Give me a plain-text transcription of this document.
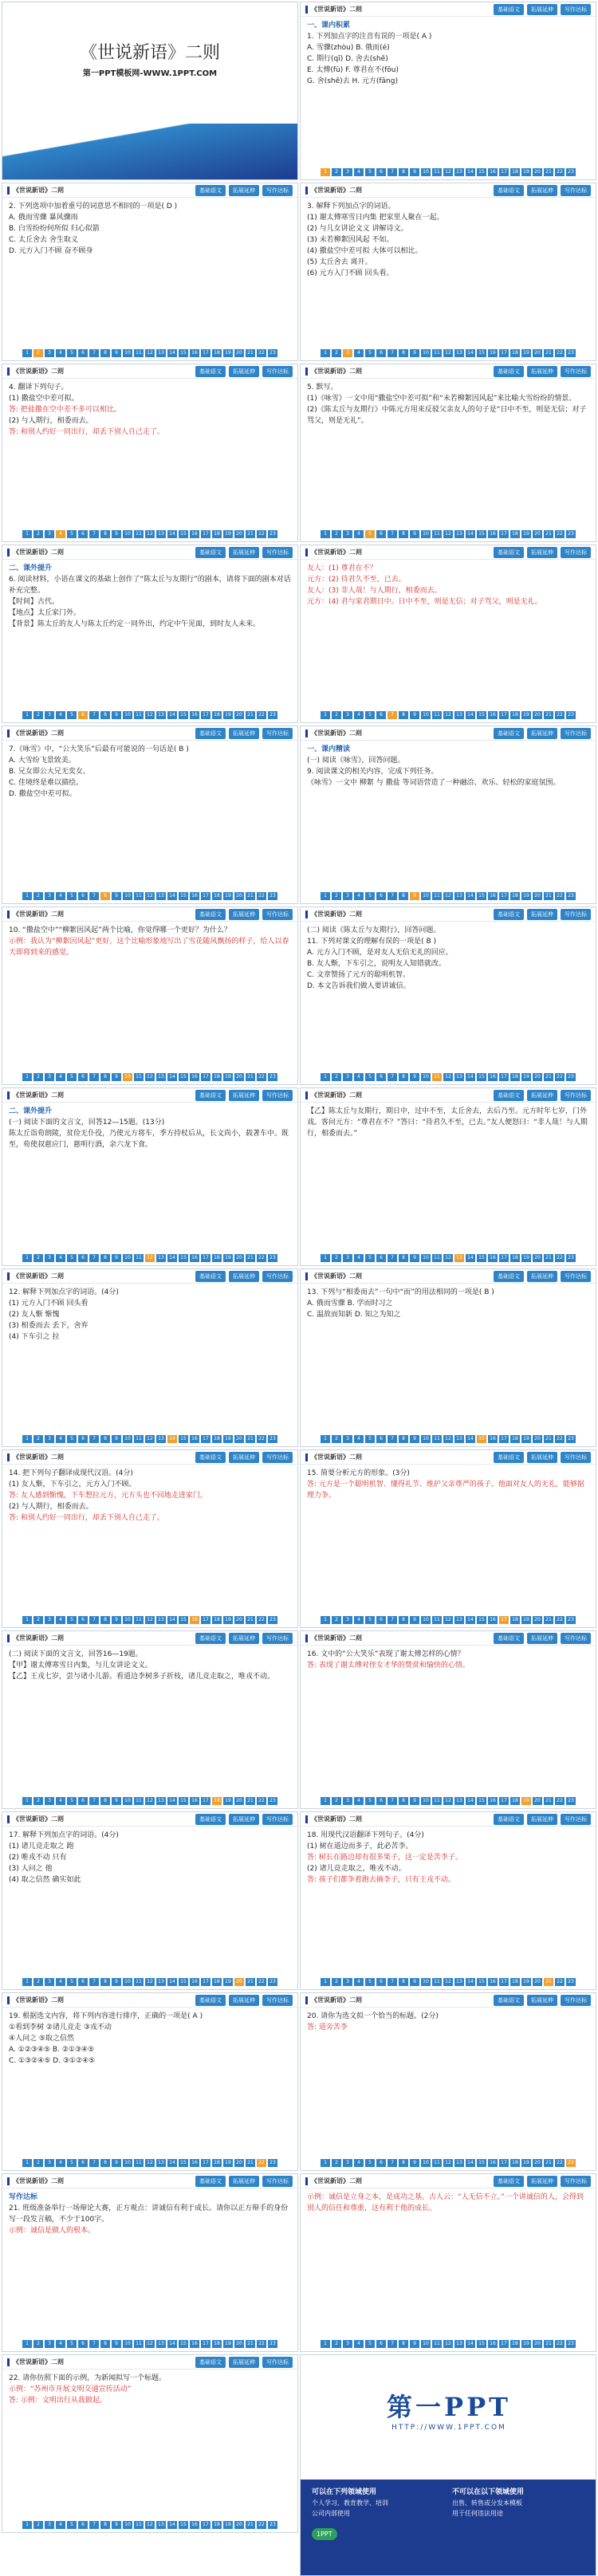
《世说新语》二则
第一PPT模板网-WWW.1PPT.COM
《世说新语》二则	基础语文	拓展延伸	写作达标
一、课内积累
1. 下列加点字的注音有误的一项是( A )
A. 雪骤(zhòu) B. 俄而(é)
C. 期行(qī) D. 舍去(shě)
E. 太傅(fù) F. 尊君在不(fǒu)
G. 舍(shě)去 H. 元方(fāng)
1	2	3	4	5	6	7	8	9	10	11	12	13	14	15	16	17	18	19	20	21	22	23
《世说新语》二则	基础语文	拓展延伸	写作达标
2. 下列选项中加着重号的词意思不相同的一项是( D )
A. 俄而雪骤 暴风骤雨
B. 白雪纷纷何所似 归心似箭
C. 太丘舍去 舍生取义
D. 元方入门不顾 奋不顾身
1	2	3	4	5	6	7	8	9	10	11	12	13	14	15	16	17	18	19	20	21	22	23
《世说新语》二则	基础语文	拓展延伸	写作达标
3. 解释下列加点字的词语。
(1) 谢太傅寒雪日内集 把家里人聚在一起。
(2) 与儿女讲论文义 讲解诗文。
(3) 未若柳絮因风起 不如。
(4) 撒盐空中差可拟 大体可以相比。
(5) 太丘舍去 离开。
(6) 元方入门不顾 回头看。
1	2	3	4	5	6	7	8	9	10	11	12	13	14	15	16	17	18	19	20	21	22	23
《世说新语》二则	基础语文	拓展延伸	写作达标
4. 翻译下列句子。
(1) 撒盐空中差可拟。
答: 把盐撒在空中差不多可以相比。
(2) 与人期行，相委而去。
答: 和别人约好一同出行，却丢下别人自己走了。
1	2	3	4	5	6	7	8	9	10	11	12	13	14	15	16	17	18	19	20	21	22	23
《世说新语》二则	基础语文	拓展延伸	写作达标
5. 默写。
(1)《咏雪》一文中用“撒盐空中差可拟”和“未若柳絮因风起”来比喻大雪纷纷的情景。
(2)《陈太丘与友期行》中陈元方用来反驳父亲友人的句子是“日中不至，则是无信；对子骂父，则是无礼”。
1	2	3	4	5	6	7	8	9	10	11	12	13	14	15	16	17	18	19	20	21	22	23
《世说新语》二则	基础语文	拓展延伸	写作达标
二、课外提升
6. 阅读材料，小语在课文的基础上创作了“陈太丘与友期行”的剧本，请将下面的剧本对话补充完整。
【时间】古代。
【地点】太丘家门外。
【背景】陈太丘的友人与陈太丘约定一同外出，约定中午见面，到时友人未来。
1	2	3	4	5	6	7	8	9	10	11	12	13	14	15	16	17	18	19	20	21	22	23
《世说新语》二则	基础语文	拓展延伸	写作达标
友人：(1) 尊君在不？
元方：(2) 待君久不至，已去。
友人：(3) 非人哉！与人期行，相委而去。
元方：(4) 君与家君期日中。日中不至，则是无信；对子骂父，则是无礼。
1	2	3	4	5	6	7	8	9	10	11	12	13	14	15	16	17	18	19	20	21	22	23
《世说新语》二则	基础语文	拓展延伸	写作达标
7.《咏雪》中，“公大笑乐”后最有可能说的一句话是( B )
A. 大雪纷飞景致美。
B. 兄女即公大兄无奕女。
C. 佳境终是难以描绘。
D. 撒盐空中差可拟。
1	2	3	4	5	6	7	8	9	10	11	12	13	14	15	16	17	18	19	20	21	22	23
《世说新语》二则	基础语文	拓展延伸	写作达标
一、课内精读
(一) 阅读《咏雪》，回答问题。
9. 阅读课文的相关内容，完成下列任务。
《咏雪》一文中 柳絮 与 撒盐 等词语营造了一种融洽、欢乐、轻松的家庭氛围。
1	2	3	4	5	6	7	8	9	10	11	12	13	14	15	16	17	18	19	20	21	22	23
《世说新语》二则	基础语文	拓展延伸	写作达标
10. “撒盐空中”“柳絮因风起”两个比喻，你觉得哪一个更好？为什么？
示例：我认为“柳絮因风起”更好，这个比喻形象地写出了雪花随风飘扬的样子，给人以春天即将到来的感觉。
1	2	3	4	5	6	7	8	9	10	11	12	13	14	15	16	17	18	19	20	21	22	23
《世说新语》二则	基础语文	拓展延伸	写作达标
(二) 阅读《陈太丘与友期行》，回答问题。
11. 下列对课文的理解有误的一项是( B )
A. 元方入门不顾，是对友人无信无礼的回应。
B. 友人惭，下车引之，说明友人知错就改。
C. 文章赞扬了元方的聪明机智。
D. 本文告诉我们做人要讲诚信。
1	2	3	4	5	6	7	8	9	10	11	12	13	14	15	16	17	18	19	20	21	22	23
《世说新语》二则	基础语文	拓展延伸	写作达标
二、课外提升
(一) 阅读下面的文言文，回答12—15题。(13分)
陈太丘诣荀朗陵，贫俭无仆役，乃使元方将车，季方持杖后从，长文尚小，载著车中。既至，荀使叔慈应门，慈明行酒，余六龙下食。
1	2	3	4	5	6	7	8	9	10	11	12	13	14	15	16	17	18	19	20	21	22	23
《世说新语》二则	基础语文	拓展延伸	写作达标
【乙】陈太丘与友期行，期日中，过中不至，太丘舍去，去后乃至。元方时年七岁，门外戏。客问元方：“尊君在不？”答曰：“待君久不至，已去。”友人便怒曰：“非人哉！与人期行，相委而去。”
1	2	3	4	5	6	7	8	9	10	11	12	13	14	15	16	17	18	19	20	21	22	23
《世说新语》二则	基础语文	拓展延伸	写作达标
12. 解释下列加点字的词语。(4分)
(1) 元方入门不顾 回头看
(2) 友人惭 惭愧
(3) 相委而去 丢下，舍弃
(4) 下车引之 拉
1	2	3	4	5	6	7	8	9	10	11	12	13	14	15	16	17	18	19	20	21	22	23
《世说新语》二则	基础语文	拓展延伸	写作达标
13. 下列与“相委而去”一句中“而”的用法相同的一项是( B )
A. 俄而雪骤 B. 学而时习之
C. 温故而知新 D. 知之为知之
1	2	3	4	5	6	7	8	9	10	11	12	13	14	15	16	17	18	19	20	21	22	23
《世说新语》二则	基础语文	拓展延伸	写作达标
14. 把下列句子翻译成现代汉语。(4分)
(1) 友人惭，下车引之，元方入门不顾。
答: 友人感到惭愧，下车想拉元方，元方头也不回地走进家门。
(2) 与人期行，相委而去。
答: 和别人约好一同出行，却丢下别人自己走了。
1	2	3	4	5	6	7	8	9	10	11	12	13	14	15	16	17	18	19	20	21	22	23
《世说新语》二则	基础语文	拓展延伸	写作达标
15. 简要分析元方的形象。(3分)
答: 元方是一个聪明机智、懂得礼节、维护父亲尊严的孩子。他面对友人的无礼，能够据理力争。
1	2	3	4	5	6	7	8	9	10	11	12	13	14	15	16	17	18	19	20	21	22	23
《世说新语》二则	基础语文	拓展延伸	写作达标
(二) 阅读下面的文言文，回答16—19题。
【甲】谢太傅寒雪日内集，与儿女讲论文义。
【乙】王戎七岁，尝与诸小儿游。看道边李树多子折枝，诸儿竞走取之，唯戎不动。
1	2	3	4	5	6	7	8	9	10	11	12	13	14	15	16	17	18	19	20	21	22	23
《世说新语》二则	基础语文	拓展延伸	写作达标
16. 文中的“公大笑乐”表现了谢太傅怎样的心情？
答: 表现了谢太傅对侄女才华的赞赏和愉快的心情。
1	2	3	4	5	6	7	8	9	10	11	12	13	14	15	16	17	18	19	20	21	22	23
《世说新语》二则	基础语文	拓展延伸	写作达标
17. 解释下列加点字的词语。(4分)
(1) 诸儿竞走取之 跑
(2) 唯戎不动 只有
(3) 人问之 他
(4) 取之信然 确实如此
1	2	3	4	5	6	7	8	9	10	11	12	13	14	15	16	17	18	19	20	21	22	23
《世说新语》二则	基础语文	拓展延伸	写作达标
18. 用现代汉语翻译下列句子。(4分)
(1) 树在道边而多子，此必苦李。
答: 树长在路边却有很多果子，这一定是苦李子。
(2) 诸儿竞走取之，唯戎不动。
答: 孩子们都争着跑去摘李子，只有王戎不动。
1	2	3	4	5	6	7	8	9	10	11	12	13	14	15	16	17	18	19	20	21	22	23
《世说新语》二则	基础语文	拓展延伸	写作达标
19. 根据选文内容，将下列内容进行排序，正确的一项是( A )
①看到李树 ②诸儿竞走 ③戎不动
④人问之 ⑤取之信然
A. ①②③④⑤ B. ②①③④⑤
C. ①③②④⑤ D. ③①②④⑤
1	2	3	4	5	6	7	8	9	10	11	12	13	14	15	16	17	18	19	20	21	22	23
《世说新语》二则	基础语文	拓展延伸	写作达标
20. 请你为选文拟一个恰当的标题。(2分)
答: 道旁苦李
1	2	3	4	5	6	7	8	9	10	11	12	13	14	15	16	17	18	19	20	21	22	23
《世说新语》二则	基础语文	拓展延伸	写作达标
写作达标
21. 班级准备举行一场辩论大赛，正方观点：讲诚信有利于成长。请你以正方辩手的身份写一段发言稿，不少于100字。
示例：诚信是做人的根本。
1	2	3	4	5	6	7	8	9	10	11	12	13	14	15	16	17	18	19	20	21	22	23
《世说新语》二则	基础语文	拓展延伸	写作达标
示例：诚信是立身之本，是成功之基。古人云：“人无信不立。”一个讲诚信的人，会得到别人的信任和尊重，这有利于他的成长。
1	2	3	4	5	6	7	8	9	10	11	12	13	14	15	16	17	18	19	20	21	22	23
《世说新语》二则	基础语文	拓展延伸	写作达标
22. 请你仿照下面的示例，为新闻拟写一个标题。
示例：“苏州市开展文明交通宣传活动”
答: 示例：文明出行从我做起。
1	2	3	4	5	6	7	8	9	10	11	12	13	14	15	16	17	18	19	20	21	22	23
第一PPT
HTTP://WWW.1PPT.COM
可以在下列领域使用
个人学习、教育教学、培训
公司内部使用
不可以在以下领域使用
出售、转售或分发本模板
用于任何违法用途
1PPT
